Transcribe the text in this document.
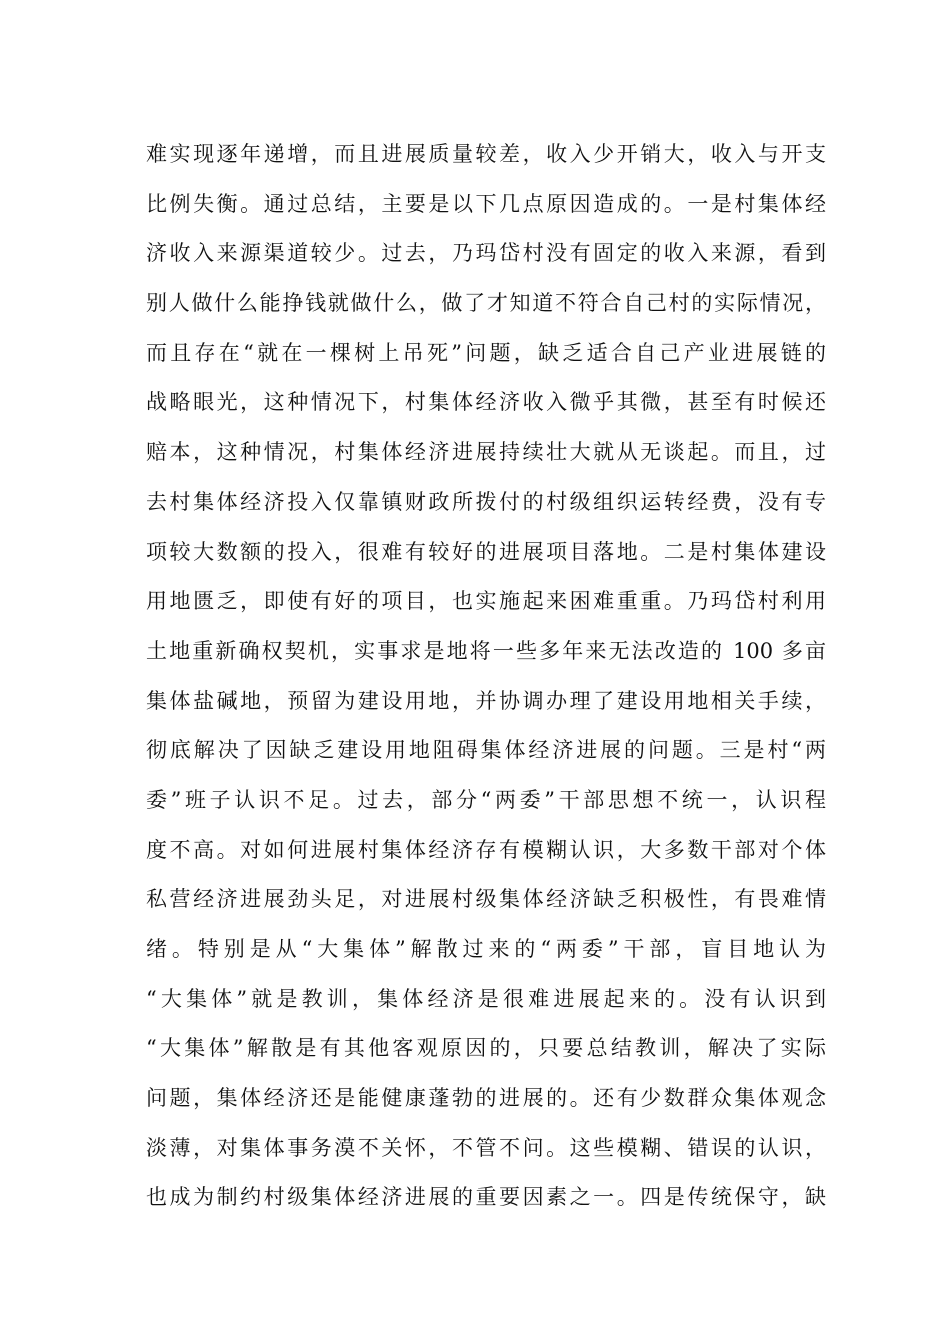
难实现逐年递增，而且进展质量较差，收入少开销大，收入与开支
比例失衡。通过总结，主要是以下几点原因造成的。一是村集体经
济收入来源渠道较少。过去，乃玛岱村没有固定的收入来源，看到
别人做什么能挣钱就做什么，做了才知道不符合自己村的实际情况，
而且存在“就在一棵树上吊死”问题，缺乏适合自己产业进展链的
战略眼光，这种情况下，村集体经济收入微乎其微，甚至有时候还
赔本，这种情况，村集体经济进展持续壮大就从无谈起。而且，过
去村集体经济投入仅靠镇财政所拨付的村级组织运转经费，没有专
项较大数额的投入，很难有较好的进展项目落地。二是村集体建设
用地匮乏，即使有好的项目，也实施起来困难重重。乃玛岱村利用
土地重新确权契机，实事求是地将一些多年来无法改造的 100 多亩
集体盐碱地，预留为建设用地，并协调办理了建设用地相关手续，
彻底解决了因缺乏建设用地阻碍集体经济进展的问题。三是村“两
委”班子认识不足。过去，部分“两委”干部思想不统一，认识程
度不高。对如何进展村集体经济存有模糊认识，大多数干部对个体
私营经济进展劲头足，对进展村级集体经济缺乏积极性，有畏难情
绪。特别是从“大集体”解散过来的“两委”干部，盲目地认为
“大集体”就是教训，集体经济是很难进展起来的。没有认识到
“大集体”解散是有其他客观原因的，只要总结教训，解决了实际
问题，集体经济还是能健康蓬勃的进展的。还有少数群众集体观念
淡薄，对集体事务漠不关怀，不管不问。这些模糊、错误的认识，
也成为制约村级集体经济进展的重要因素之一。四是传统保守，缺
